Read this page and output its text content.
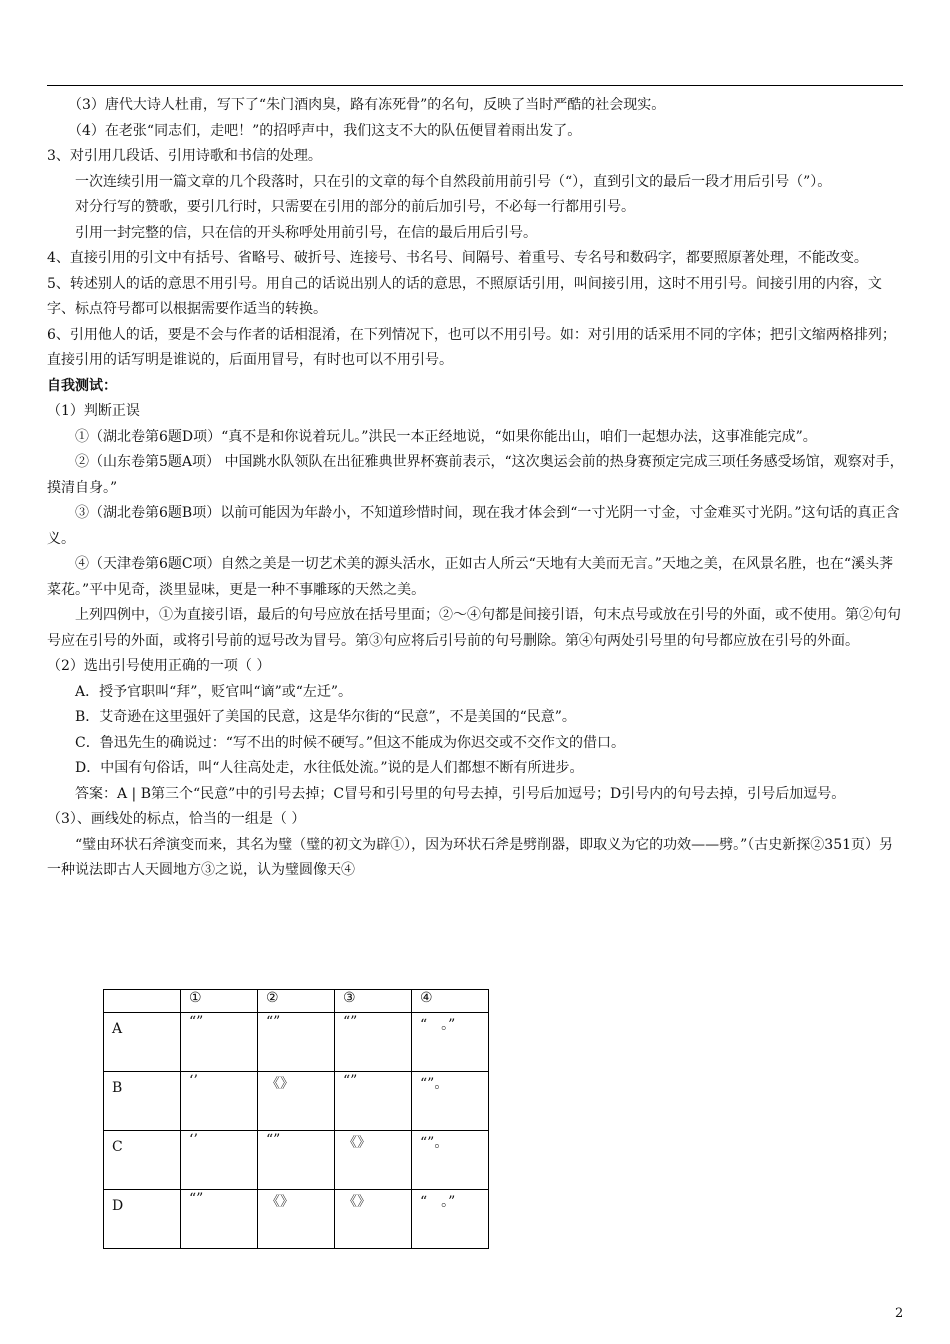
（3）唐代大诗人杜甫，写下了“朱门酒肉臭，路有冻死骨”的名句，反映了当时严酷的社会现实。

（4）在老张“同志们，走吧！”的招呼声中，我们这支不大的队伍便冒着雨出发了。

3、对引用几段话、引用诗歌和书信的处理。

一次连续引用一篇文章的几个段落时，只在引的文章的每个自然段前用前引号（“），直到引文的最后一段才用后引号（”）。

对分行写的赞歌，要引几行时，只需要在引用的部分的前后加引号，不必每一行都用引号。

引用一封完整的信，只在信的开头称呼处用前引号，在信的最后用后引号。

4、直接引用的引文中有括号、省略号、破折号、连接号、书名号、间隔号、着重号、专名号和数码字，都要照原著处理，不能改变。

5、转述别人的话的意思不用引号。用自己的话说出别人的话的意思，不照原话引用，叫间接引用，这时不用引号。间接引用的内容，文字、标点符号都可以根据需要作适当的转换。

6、引用他人的话，要是不会与作者的话相混淆，在下列情况下，也可以不用引号。如：对引用的话采用不同的字体；把引文缩两格排列；直接引用的话写明是谁说的，后面用冒号，有时也可以不用引号。

自我测试：

（1）判断正误

①（湖北卷第6题D项）“真不是和你说着玩儿。”洪民一本正经地说，“如果你能出山，咱们一起想办法，这事准能完成”。

②（山东卷第5题A项） 中国跳水队领队在出征雅典世界杯赛前表示，“这次奥运会前的热身赛预定完成三项任务感受场馆，观察对手，摸清自身。”

③（湖北卷第6题B项）以前可能因为年龄小，不知道珍惜时间，现在我才体会到“一寸光阴一寸金，寸金难买寸光阴。”这句话的真正含义。

④（天津卷第6题C项）自然之美是一切艺术美的源头活水，正如古人所云“天地有大美而无言。”天地之美，在风景名胜，也在“溪头荠菜花。”平中见奇，淡里显味，更是一种不事雕琢的天然之美。

上列四例中，①为直接引语，最后的句号应放在括号里面；②～④句都是间接引语，句末点号或放在引号的外面，或不使用。第②句句号应在引号的外面，或将引号前的逗号改为冒号。第③句应将后引号前的句号删除。第④句两处引号里的句号都应放在引号的外面。

（2）选出引号使用正确的一项（ ）

A．授予官职叫“拜”，贬官叫“谪”或“左迁”。

B．艾奇逊在这里强奸了美国的民意，这是华尔街的“民意”，不是美国的“民意”。

C．鲁迅先生的确说过：“写不出的时候不硬写。”但这不能成为你迟交或不交作文的借口。

D．中国有句俗话，叫“人往高处走，水往低处流。”说的是人们都想不断有所进步。

答案：A | B第三个“民意”中的引号去掉；C冒号和引号里的句号去掉，引号后加逗号；D引号内的句号去掉，引号后加逗号。

（3）、画线处的标点，恰当的一组是（ ）

“璧由环状石斧演变而来，其名为璧（璧的初文为辟①），因为环状石斧是劈削器，即取义为它的功效——劈。”（古史新探②351页）另一种说法即古人天圆地方③之说，认为璧圆像天④

	①	②	③	④
A	“”	“”	“”	“　。”
B	‘’	《》	“”	“”。
C	‘’	“”	《》	“”。
D	“”	《》	《》	“　。”
2
